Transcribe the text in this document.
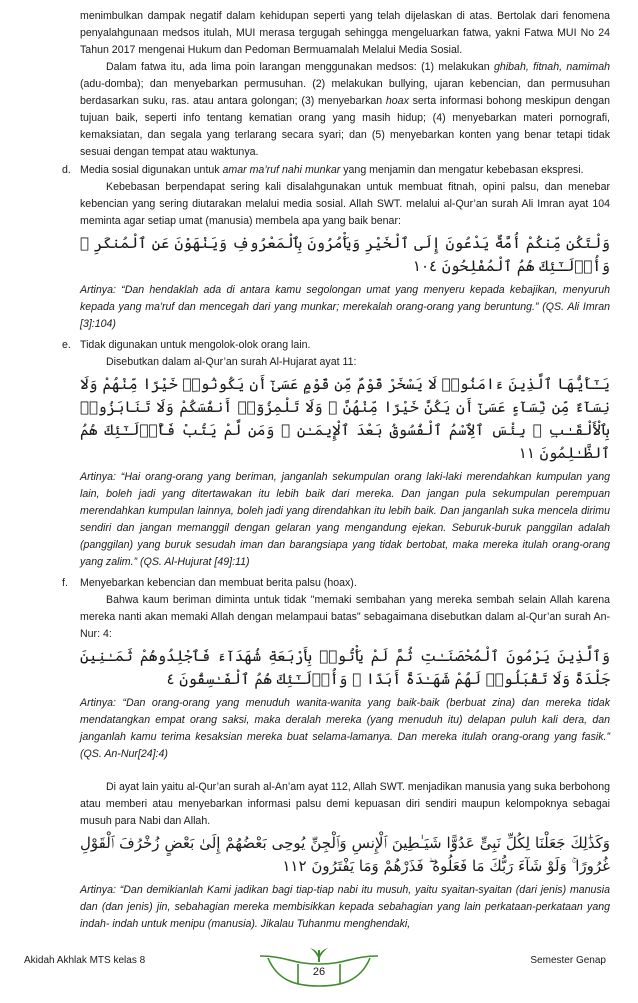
menimbulkan dampak negatif dalam kehidupan seperti yang telah dijelaskan di atas. Bertolak dari fenomena penyalahgunaan medsos itulah, MUI merasa tergugah sehingga mengeluarkan fatwa, yakni Fatwa MUI No 24 Tahun 2017 mengenai Hukum dan Pedoman Bermuamalah Melalui Media Sosial.

Dalam fatwa itu, ada lima poin larangan menggunakan medsos: (1) melakukan ghibah, fitnah, namimah (adu-domba); dan menyebarkan permusuhan. (2) melakukan bullying, ujaran kebencian, dan permusuhan berdasarkan suku, ras. atau antara golongan; (3) menyebarkan hoax serta informasi bohong meskipun dengan tujuan baik, seperti info tentang kematian orang yang masih hidup; (4) menyebarkan materi pornografi, kemaksiatan, dan segala yang terlarang secara syari; dan (5) menyebarkan konten yang benar tetapi tidak sesuai dengan tempat atau waktunya.

d. Media sosial digunakan untuk amar ma’ruf nahi munkar yang menjamin dan mengatur kebebasan ekspresi.

Kebebasan berpendapat sering kali disalahgunakan untuk membuat fitnah, opini palsu, dan menebar kebencian yang sering diutarakan melalui media sosial. Allah SWT. melalui al-Qur’an surah Ali Imran ayat 104 meminta agar setiap umat (manusia) membela apa yang baik benar:

وَلْتَكُن مِّنكُمْ أُمَّةٌ يَدْعُونَ إِلَى ٱلْخَيْرِ وَيَأْمُرُونَ بِٱلْمَعْرُوفِ وَيَنْهَوْنَ عَنِ ٱلْمُنكَرِ ۚ وَأُو۟لَـٰٓئِكَ هُمُ ٱلْمُفْلِحُونَ ١٠٤

Artinya: “Dan hendaklah ada di antara kamu segolongan umat yang menyeru kepada kebajikan, menyuruh kepada yang ma'ruf dan mencegah dari yang munkar; merekalah orang-orang yang beruntung.” (QS. Ali Imran [3]:104)

e. Tidak digunakan untuk mengolok-olok orang lain.

Disebutkan dalam al-Qur’an surah Al-Hujarat ayat 11:

يَـٰٓأَيُّهَا ٱلَّذِينَ ءَامَنُوا۟ لَا يَسْخَرْ قَوْمٌ مِّن قَوْمٍ عَسَىٰٓ أَن يَكُونُوا۟ خَيْرًا مِّنْهُمْ وَلَا نِسَآءٌ مِّن نِّسَآءٍ عَسَىٰٓ أَن يَكُنَّ خَيْرًا مِّنْهُنَّ ۖ وَلَا تَلْمِزُوٓا۟ أَنفُسَكُمْ وَلَا تَنَابَزُوا۟ بِٱلْأَلْقَـٰبِ ۖ بِئْسَ ٱلِٱسْمُ ٱلْفُسُوقُ بَعْدَ ٱلْإِيمَـٰنِ ۚ وَمَن لَّمْ يَتُبْ فَأُو۟لَـٰٓئِكَ هُمُ ٱلظَّـٰلِمُونَ ١١

Artinya: “Hai orang-orang yang beriman, janganlah sekumpulan orang laki-laki merendahkan kumpulan yang lain, boleh jadi yang ditertawakan itu lebih baik dari mereka. Dan jangan pula sekumpulan perempuan merendahkan kumpulan lainnya, boleh jadi yang direndahkan itu lebih baik. Dan janganlah suka mencela dirimu sendiri dan jangan memanggil dengan gelaran yang mengandung ejekan. Seburuk-buruk panggilan adalah (panggilan) yang buruk sesudah iman dan barangsiapa yang tidak bertobat, maka mereka itulah orang-orang yang zalim.” (QS. Al-Hujurat [49]:11)

f. Menyebarkan kebencian dan membuat berita palsu (hoax).

Bahwa kaum beriman diminta untuk tidak "memaki sembahan yang mereka sembah selain Allah karena mereka nanti akan memaki Allah dengan melampaui batas" sebagaimana disebutkan dalam al-Qur’an surah An-Nur: 4:

وَٱلَّذِينَ يَرْمُونَ ٱلْمُحْصَنَـٰتِ ثُمَّ لَمْ يَأْتُوا۟ بِأَرْبَعَةِ شُهَدَآءَ فَٱجْلِدُوهُمْ ثَمَـٰنِينَ جَلْدَةً وَلَا تَقْبَلُوا۟ لَهُمْ شَهَـٰدَةً أَبَدًا ۚ وَأُو۟لَـٰٓئِكَ هُمُ ٱلْفَـٰسِقُونَ ٤

Artinya: “Dan orang-orang yang menuduh wanita-wanita yang baik-baik (berbuat zina) dan mereka tidak mendatangkan empat orang saksi, maka deralah mereka (yang menuduh itu) delapan puluh kali dera, dan janganlah kamu terima kesaksian mereka buat selama-lamanya. Dan mereka itulah orang-orang yang fasik.” (QS. An-Nur[24]:4)

Di ayat lain yaitu al-Qur’an surah al-An’am ayat 112, Allah SWT. menjadikan manusia yang suka berbohong atau memberi atau menyebarkan informasi palsu demi kepuasan diri sendiri maupun kelompoknya sebagai musuh para Nabi dan Allah.

وَكَذَٰلِكَ جَعَلْنَا لِكُلِّ نَبِىٍّ عَدُوًّا شَيَـٰطِينَ ٱلْإِنسِ وَٱلْجِنِّ يُوحِى بَعْضُهُمْ إِلَىٰ بَعْضٍ زُخْرُفَ ٱلْقَوْلِ غُرُورًا ۚ وَلَوْ شَآءَ رَبُّكَ مَا فَعَلُوهُ ۖ فَذَرْهُمْ وَمَا يَفْتَرُونَ ١١٢

Artinya: “Dan demikianlah Kami jadikan bagi tiap-tiap nabi itu musuh, yaitu syaitan-syaitan (dari jenis) manusia dan (dan jenis) jin, sebahagian mereka membisikkan kepada sebahagian yang lain perkataan-perkataan yang indah- indah untuk menipu (manusia). Jikalau Tuhanmu menghendaki,

26
Akidah Akhlak MTS kelas 8	Semester Genap
